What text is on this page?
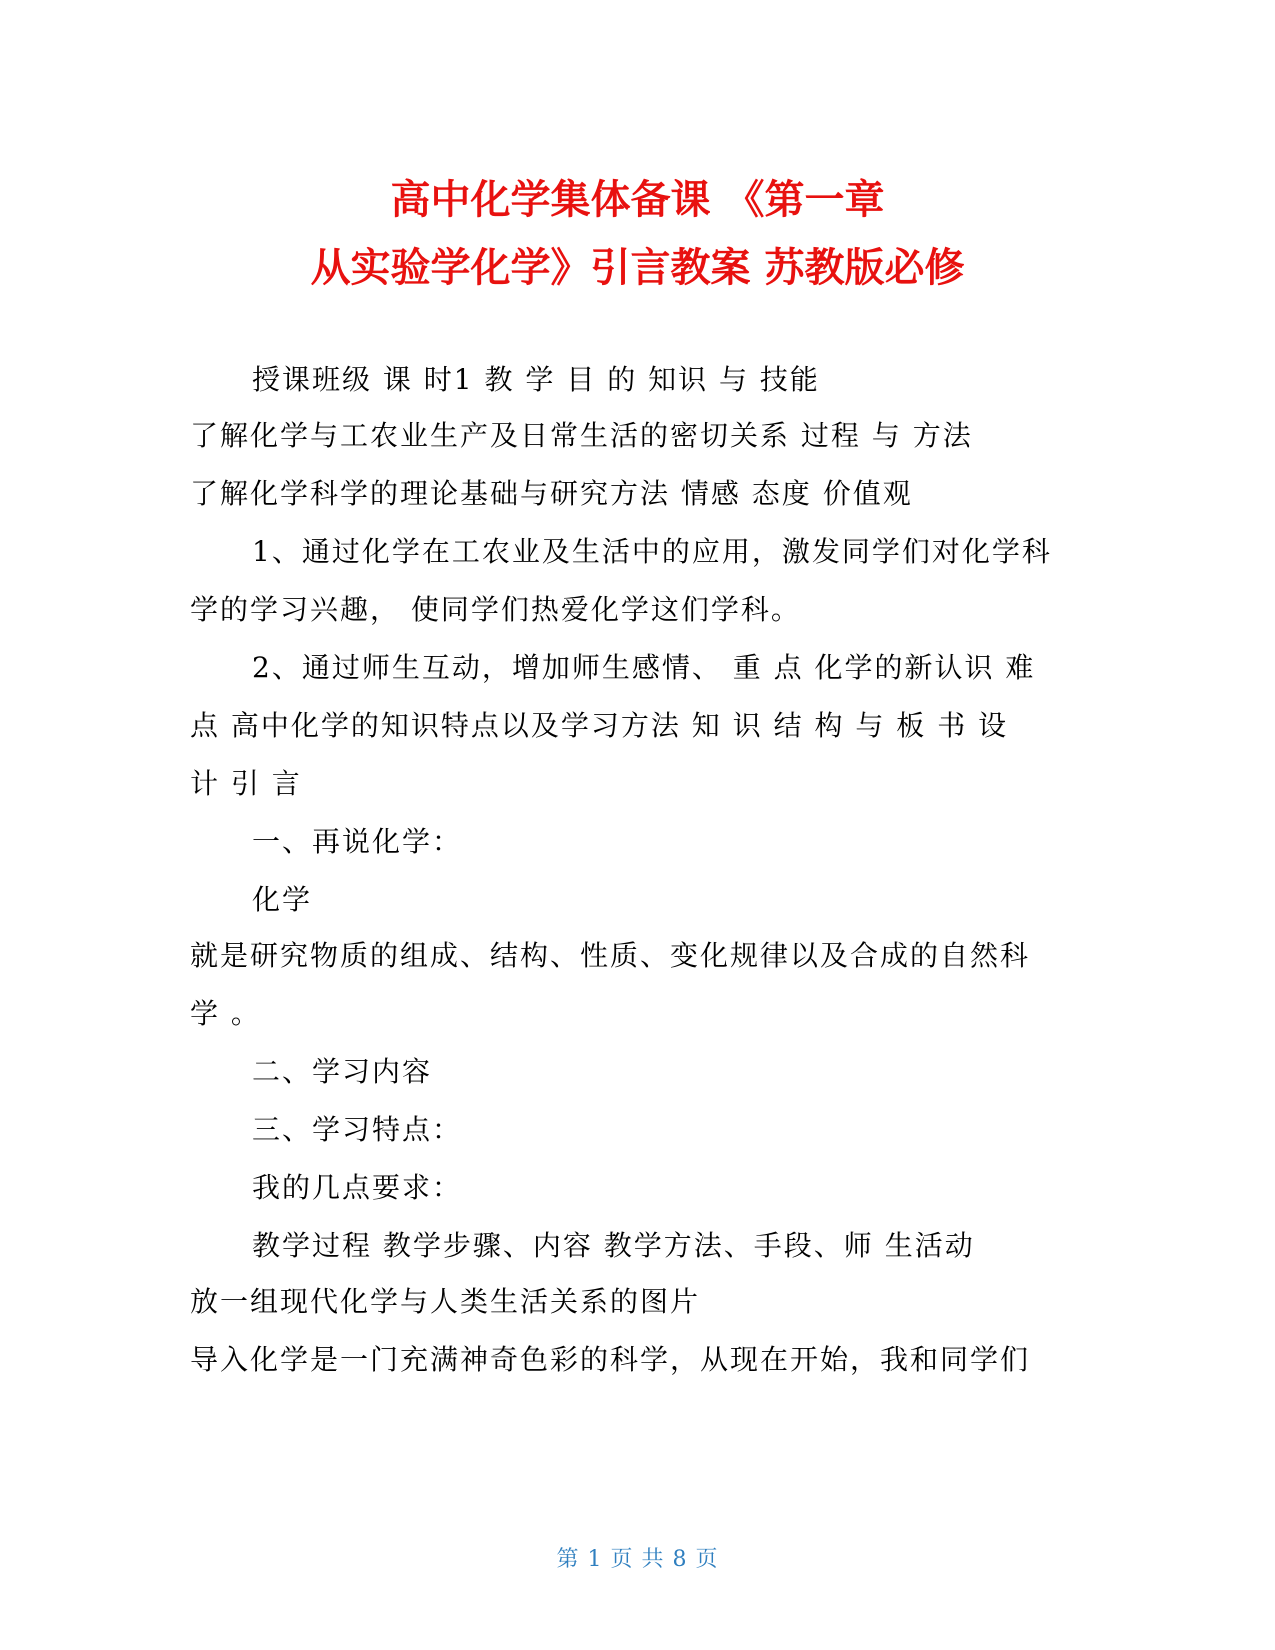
高中化学集体备课 《第一章
从实验学化学》引言教案 苏教版必修
授课班级 课 时1 教 学 目 的 知识 与 技能
了解化学与工农业生产及日常生活的密切关系 过程 与 方法
了解化学科学的理论基础与研究方法 情感 态度 价值观
1、通过化学在工农业及生活中的应用，激发同学们对化学科
学的学习兴趣， 使同学们热爱化学这们学科。
2、通过师生互动，增加师生感情、 重 点 化学的新认识 难
点 高中化学的知识特点以及学习方法 知 识 结 构 与 板 书 设
计 引 言
一、再说化学：
化学
就是研究物质的组成、结构、性质、变化规律以及合成的自然科
学 。
二、学习内容
三、学习特点：
我的几点要求：
教学过程 教学步骤、内容 教学方法、手段、师 生活动
放一组现代化学与人类生活关系的图片
导入化学是一门充满神奇色彩的科学，从现在开始，我和同学们
第 1 页 共 8 页
